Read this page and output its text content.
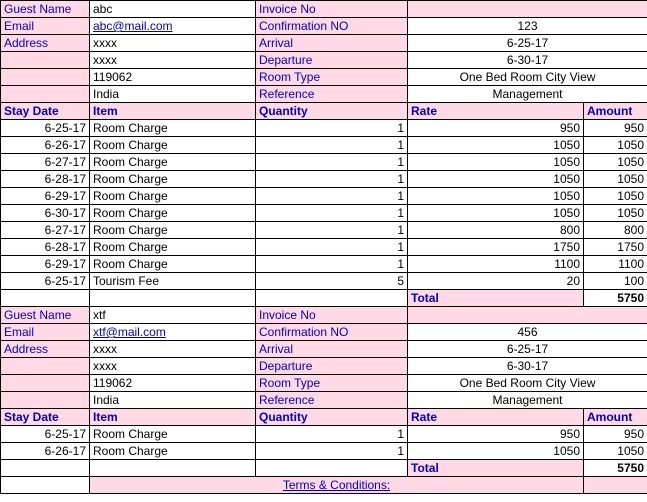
Guest Name	abc	Invoice No		
Email	abc@mail.com	Confirmation NO	123	
Address	xxxx	Arrival	6-25-17	
	xxxx	Departure	6-30-17	
	119062	Room Type	One Bed Room City View	
	India	Reference	Management	
Stay Date	Item	Quantity	Rate	Amount
6-25-17	Room Charge	1	950	950
6-26-17	Room Charge	1	1050	1050
6-27-17	Room Charge	1	1050	1050
6-28-17	Room Charge	1	1050	1050
6-29-17	Room Charge	1	1050	1050
6-30-17	Room Charge	1	1050	1050
6-27-17	Room Charge	1	800	800
6-28-17	Room Charge	1	1750	1750
6-29-17	Room Charge	1	1100	1100
6-25-17	Tourism Fee	5	20	100
			Total	5750
Guest Name	xtf	Invoice No		
Email	xtf@mail.com	Confirmation NO	456	
Address	xxxx	Arrival	6-25-17	
	xxxx	Departure	6-30-17	
	119062	Room Type	One Bed Room City View	
	India	Reference	Management	
Stay Date	Item	Quantity	Rate	Amount
6-25-17	Room Charge	1	950	950
6-26-17	Room Charge	1	1050	1050
			Total	5750
	Terms & Conditions:			
